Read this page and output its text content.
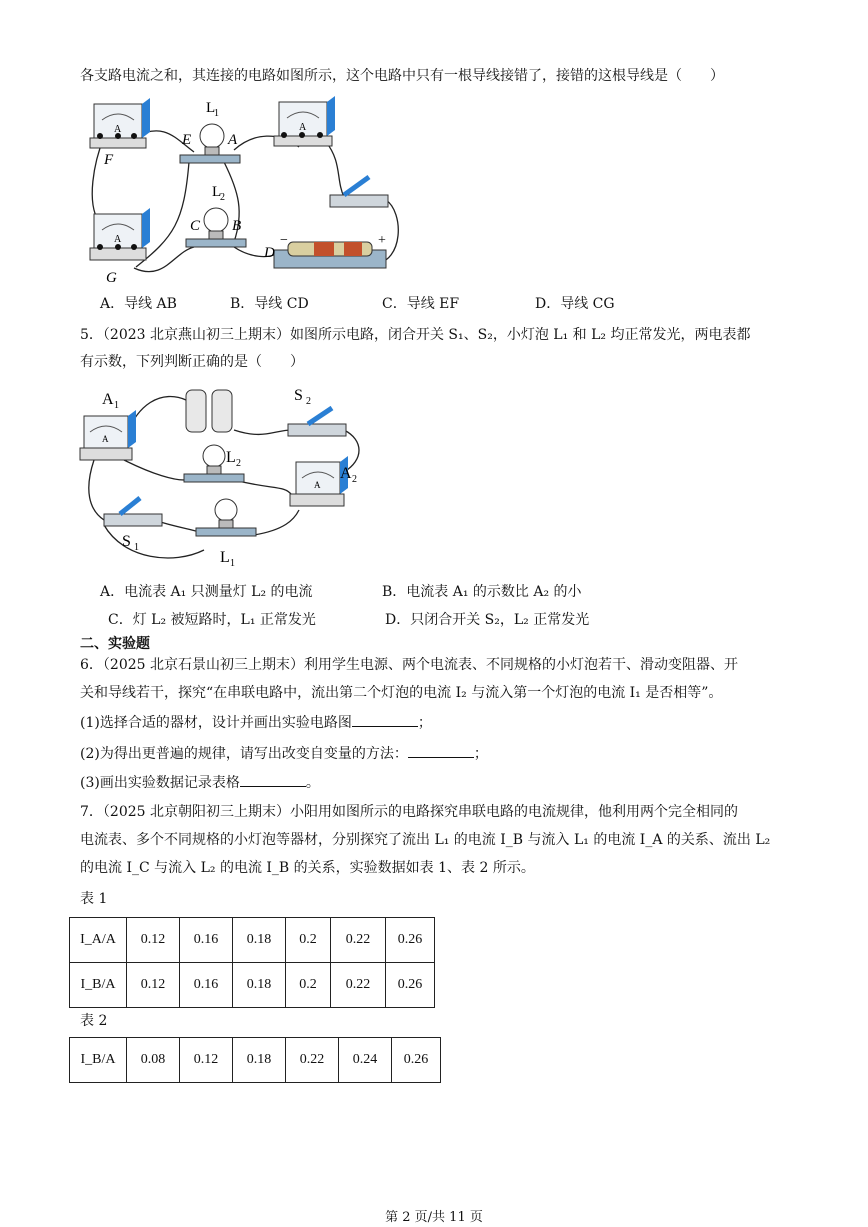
各支路电流之和，其连接的电路如图所示，这个电路中只有一根导线接错了，接错的这根导线是（　　）
L
1
E A
F
L
2
C B
G
D
−	+
A	A
A
A．导线 AB	B．导线 CD	C．导线 EF	D．导线 CG
5．（2023 北京燕山初三上期末）如图所示电路，闭合开关 S₁、S₂，小灯泡 L₁ 和 L₂ 均正常发光，两电表都
有示数，下列判断正确的是（　　）
A 1
S 2
L 2
A 2
S 1
L 1
A
A
A．电流表 A₁ 只测量灯 L₂ 的电流	B．电流表 A₁ 的示数比 A₂ 的小
C．灯 L₂ 被短路时，L₁ 正常发光	D．只闭合开关 S₂，L₂ 正常发光
二、实验题
6．（2025 北京石景山初三上期末）利用学生电源、两个电流表、不同规格的小灯泡若干、滑动变阻器、开
关和导线若干，探究“在串联电路中，流出第二个灯泡的电流 I₂ 与流入第一个灯泡的电流 I₁ 是否相等”。
(1)选择合适的器材，设计并画出实验电路图	；
(2)为得出更普遍的规律，请写出改变自变量的方法：	；
(3)画出实验数据记录表格	。
7．（2025 北京朝阳初三上期末）小阳用如图所示的电路探究串联电路的电流规律，他利用两个完全相同的
电流表、多个不同规格的小灯泡等器材，分别探究了流出 L₁ 的电流 I_B 与流入 L₁ 的电流 I_A 的关系、流出 L₂
的电流 I_C 与流入 L₂ 的电流 I_B 的关系，实验数据如表 1、表 2 所示。
表 1
I_A/A	0.12	0.16	0.18	0.2	0.22	0.26
I_B/A	0.12	0.16	0.18	0.2	0.22	0.26
表 2
I_B/A	0.08	0.12	0.18	0.22	0.24	0.26
第 2 页/共 11 页
